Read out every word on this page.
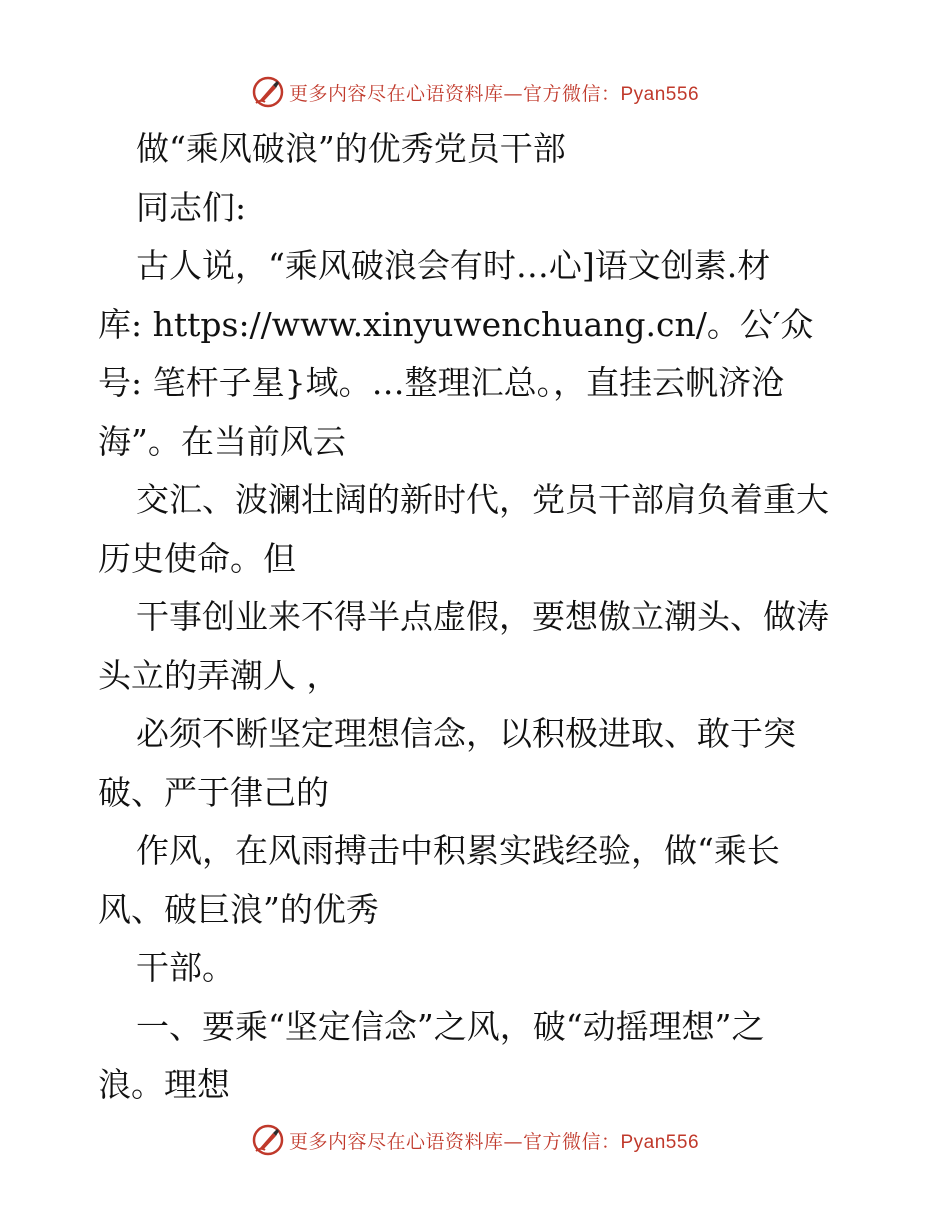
更多内容尽在心语资料库—官方微信：Pyan556
做“乘风破浪”的优秀党员干部
同志们:
古人说，“乘风破浪会有时…心]语文创素.材
库: https://www.xinyuwenchuang.cn/。公′众
号: 笔杆子星}域。…整理汇总。，直挂云帆济沧
海”。在当前风云
交汇、波澜壮阔的新时代，党员干部肩负着重大
历史使命。但
干事创业来不得半点虚假，要想傲立潮头、做涛
头立的弄潮人 ，
必须不断坚定理想信念，以积极进取、敢于突
破、严于律己的
作风，在风雨搏击中积累实践经验，做“乘长
风、破巨浪”的优秀
干部。
一、要乘“坚定信念”之风，破“动摇理想”之
浪。理想
更多内容尽在心语资料库—官方微信：Pyan556
